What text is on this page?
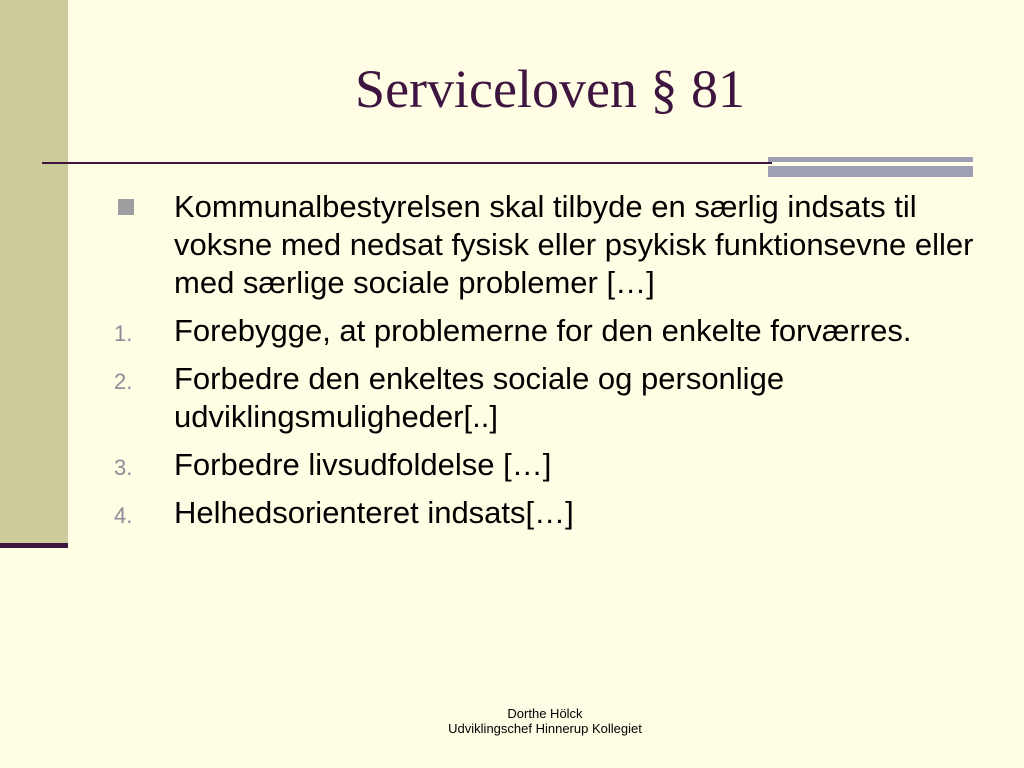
Serviceloven § 81
Kommunalbestyrelsen skal tilbyde en særlig indsats til voksne med nedsat fysisk eller psykisk funktionsevne eller med særlige sociale problemer […]
1. Forebygge, at problemerne for den enkelte forværres.
2. Forbedre den enkeltes sociale og personlige udviklingsmuligheder[..]
3. Forbedre livsudfoldelse […]
4. Helhedsorienteret indsats[…]
Dorthe Hölck
Udviklingschef Hinnerup Kollegiet
